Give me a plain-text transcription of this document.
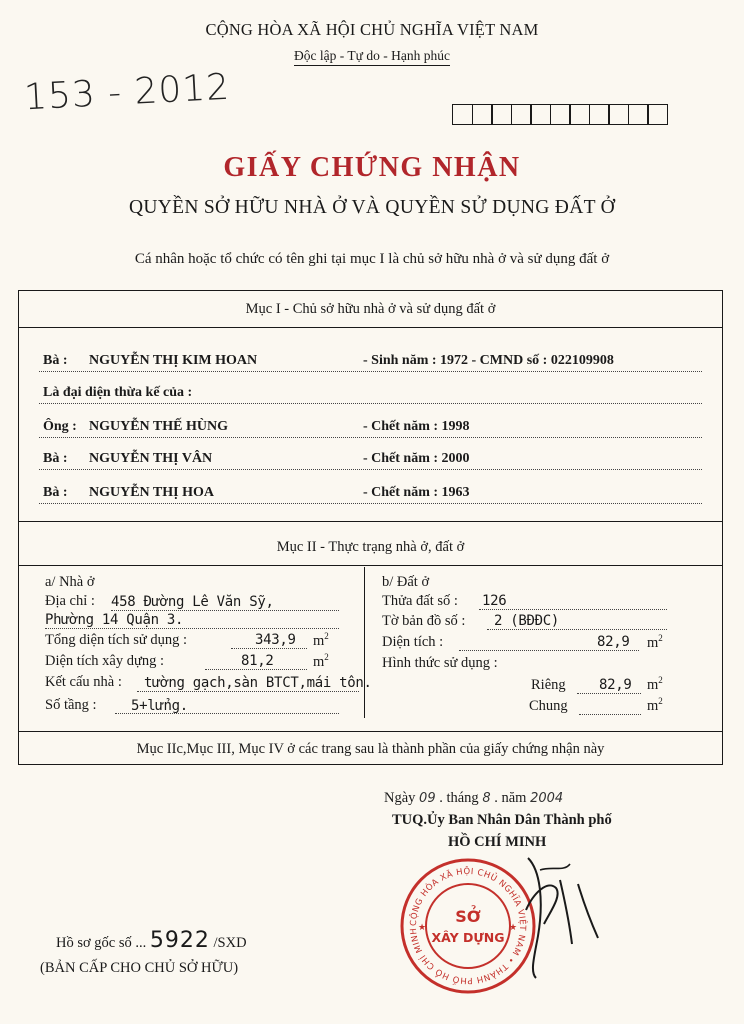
CỘNG HÒA XÃ HỘI CHỦ NGHĨA VIỆT NAM
Độc lập - Tự do - Hạnh phúc
153 - 2012
GIẤY CHỨNG NHẬN
QUYỀN SỞ HỮU NHÀ Ở VÀ QUYỀN SỬ DỤNG ĐẤT Ở
Cá nhân hoặc tổ chức có tên ghi tại mục I là chủ sở hữu nhà ở và sử dụng đất ở
Mục I - Chủ sở hữu nhà ở và sử dụng đất ở
Bà : NGUYỄN THỊ KIM HOAN	- Sinh năm : 1972 - CMND số : 022109908
Là đại diện thừa kế của :
Ông : NGUYỄN THẾ HÙNG	- Chết năm : 1998
Bà : NGUYỄN THỊ VÂN	- Chết năm : 2000
Bà : NGUYỄN THỊ HOA	- Chết năm : 1963
Mục II - Thực trạng nhà ở, đất ở
a/ Nhà ở
Địa chỉ : 458 Đường Lê Văn Sỹ,
Phường 14 Quận 3.
Tổng diện tích sử dụng :	343,9 $m^2$
Diện tích xây dựng :	81,2	$m^2$
Kết cấu nhà : tường gạch,sàn BTCT,mái tôn.
Số tầng : 5+lửng.
b/ Đất ở
Thửa đất số : 126
Tờ bản đồ số : 2 (BĐĐC)
Diện tích :	82,9 $m^2$
Hình thức sử dụng :
Riêng 82,9 $m^2$
Chung	$m^2$
Mục IIc,Mục III, Mục IV ở các trang sau là thành phần của giấy chứng nhận này
Ngày 09 . tháng 8 . năm 2004
TUQ.Ủy Ban Nhân Dân Thành phố
HỒ CHÍ MINH
CỘNG HÒA XÃ HỘI CHỦ NGHĨA VIỆT NAM • THÀNH PHỐ HỒ CHÍ MINH
SỞ
XÂY DỰNG
★	★
Hồ sơ gốc số ... 5922 /SXD
(BẢN CẤP CHO CHỦ SỞ HỮU)
